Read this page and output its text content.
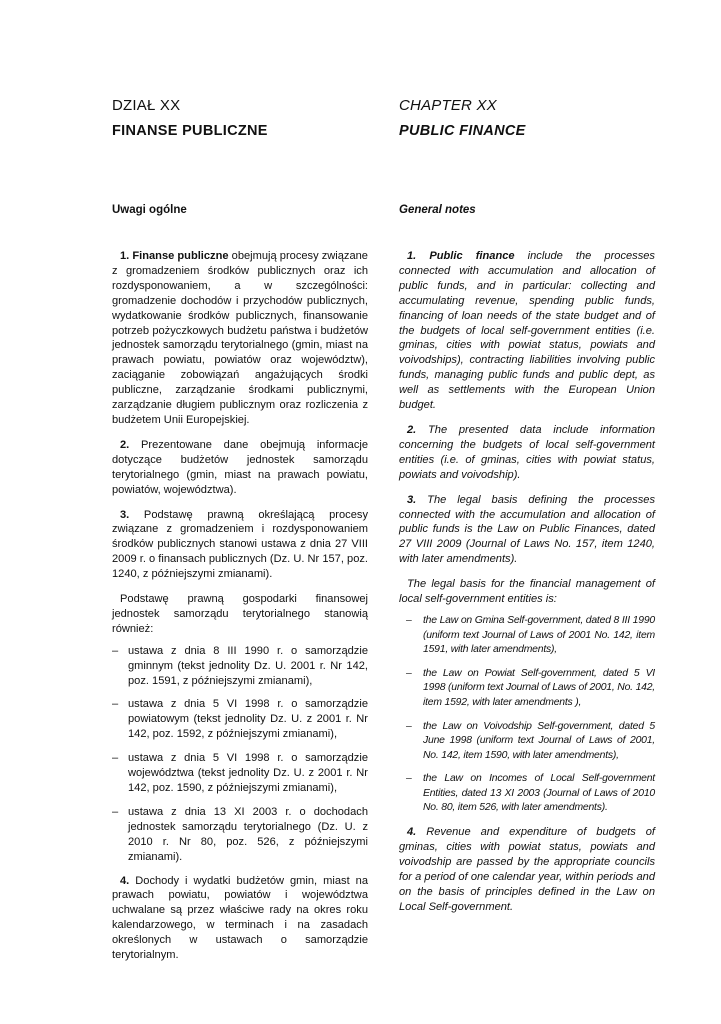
DZIAŁ XX
FINANSE PUBLICZNE
Uwagi ogólne

1. Finanse publiczne obejmują procesy związane z gromadzeniem środków publicznych oraz ich rozdysponowaniem, a w szczególności: gromadzenie dochodów i przychodów publicznych, wydatkowanie środków publicznych, finansowanie potrzeb pożyczkowych budżetu państwa i budżetów jednostek samorządu terytorialnego (gmin, miast na prawach powiatu, powiatów oraz województw), zaciąganie zobowiązań angażujących środki publiczne, zarządzanie środkami publicznymi, zarządzanie długiem publicznym oraz rozliczenia z budżetem Unii Europejskiej.

2. Prezentowane dane obejmują informacje dotyczące budżetów jednostek samorządu terytorialnego (gmin, miast na prawach powiatu, powiatów, województwa).

3. Podstawę prawną określającą procesy związane z gromadzeniem i rozdysponowaniem środków publicznych stanowi ustawa z dnia 27 VIII 2009 r. o finansach publicznych (Dz. U. Nr 157, poz. 1240, z późniejszymi zmianami).

Podstawę prawną gospodarki finansowej jednostek samorządu terytorialnego stanowią również:

– ustawa z dnia 8 III 1990 r. o samorządzie gminnym (tekst jednolity Dz. U. 2001 r. Nr 142, poz. 1591, z późniejszymi zmianami),
– ustawa z dnia 5 VI 1998 r. o samorządzie powiatowym (tekst jednolity Dz. U. z 2001 r. Nr 142, poz. 1592, z późniejszymi zmianami),
– ustawa z dnia 5 VI 1998 r. o samorządzie województwa (tekst jednolity Dz. U. z 2001 r. Nr 142, poz. 1590, z późniejszymi zmianami),
– ustawa z dnia 13 XI 2003 r. o dochodach jednostek samorządu terytorialnego (Dz. U. z 2010 r. Nr 80, poz. 526, z późniejszymi zmianami).

4. Dochody i wydatki budżetów gmin, miast na prawach powiatu, powiatów i województwa uchwalane są przez właściwe rady na okres roku kalendarzowego, w terminach i na zasadach określonych w ustawach o samorządzie terytorialnym.

CHAPTER XX
PUBLIC FINANCE
General notes

1. Public finance include the processes connected with accumulation and allocation of public funds, and in particular: collecting and accumulating revenue, spending public funds, financing of loan needs of the state budget and of the budgets of local self-government entities (i.e. gminas, cities with powiat status, powiats and voivodships), contracting liabilities involving public funds, managing public funds and public dept, as well as settlements with the European Union budget.

2. The presented data include information concerning the budgets of local self-government entities (i.e. of gminas, cities with powiat status, powiats and voivodship).

3. The legal basis defining the processes connected with the accumulation and allocation of public funds is the Law on Public Finances, dated 27 VIII 2009 (Journal of Laws No. 157, item 1240, with later amendments).

The legal basis for the financial management of local self-government entities is:

– the Law on Gmina Self-government, dated 8 III 1990 (uniform text Journal of Laws of 2001 No. 142, item 1591, with later amendments),
– the Law on Powiat Self-government, dated 5 VI 1998 (uniform text Journal of Laws of 2001, No. 142, item 1592, with later amendments ),
– the Law on Voivodship Self-government, dated 5 June 1998 (uniform text Journal of Laws of 2001, No. 142, item 1590, with later amendments),
– the Law on Incomes of Local Self-government Entities, dated 13 XI 2003 (Journal of Laws of 2010 No. 80, item 526, with later amendments).

4. Revenue and expenditure of budgets of gminas, cities with powiat status, powiats and voivodship are passed by the appropriate councils for a period of one calendar year, within periods and on the basis of principles defined in the Law on Local Self-government.
